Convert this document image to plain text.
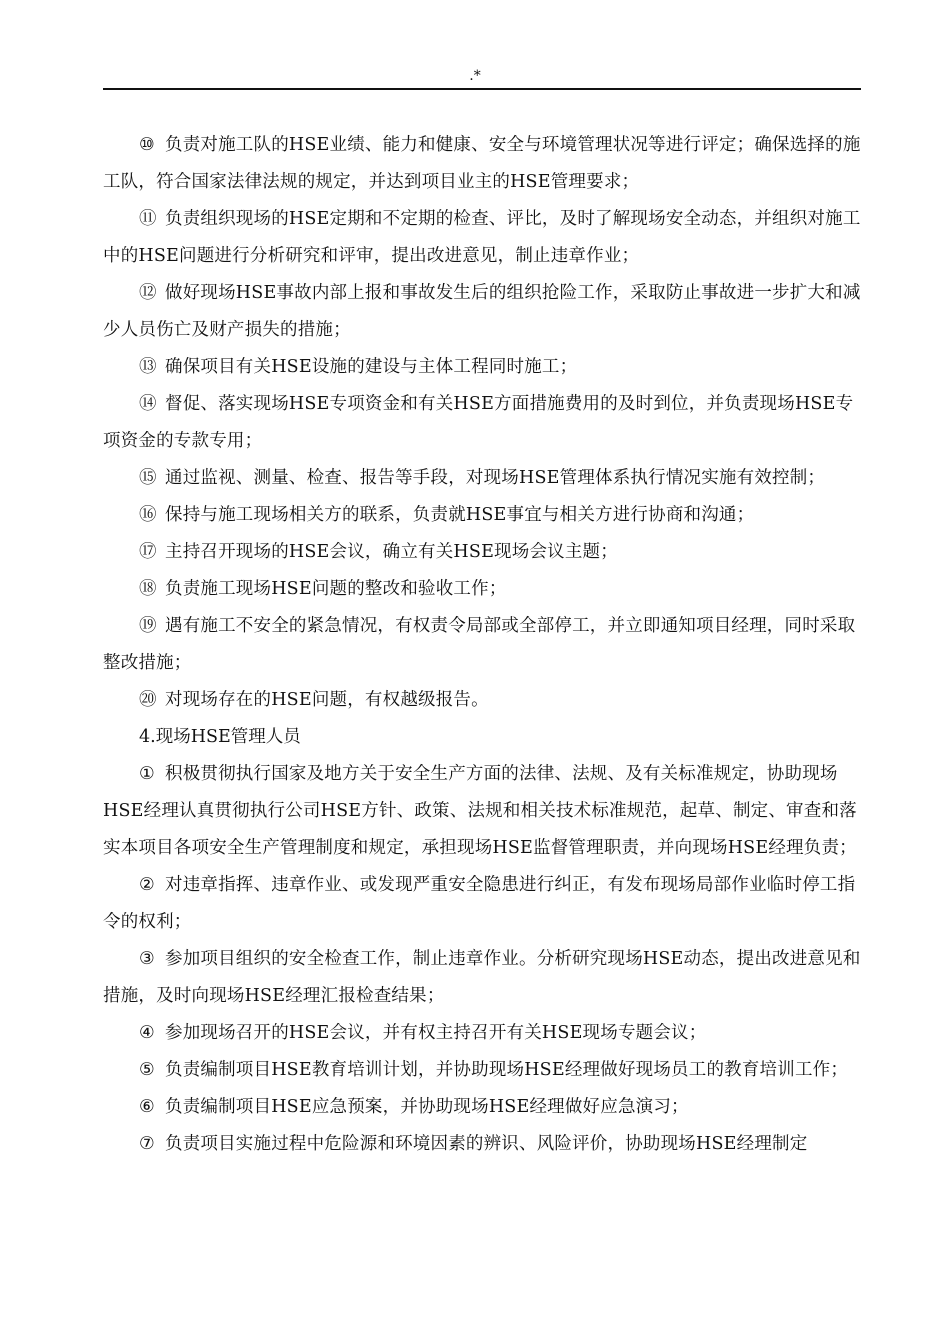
.*

⑩ 负责对施工队的HSE业绩、能力和健康、安全与环境管理状况等进行评定；确保选择的施工队，符合国家法律法规的规定，并达到项目业主的HSE管理要求；

⑪ 负责组织现场的HSE定期和不定期的检查、评比，及时了解现场安全动态，并组织对施工中的HSE问题进行分析研究和评审，提出改进意见，制止违章作业；

⑫ 做好现场HSE事故内部上报和事故发生后的组织抢险工作，采取防止事故进一步扩大和减少人员伤亡及财产损失的措施；

⑬ 确保项目有关HSE设施的建设与主体工程同时施工；

⑭ 督促、落实现场HSE专项资金和有关HSE方面措施费用的及时到位，并负责现场HSE专项资金的专款专用；

⑮ 通过监视、测量、检查、报告等手段，对现场HSE管理体系执行情况实施有效控制；

⑯ 保持与施工现场相关方的联系，负责就HSE事宜与相关方进行协商和沟通；

⑰ 主持召开现场的HSE会议，确立有关HSE现场会议主题；

⑱ 负责施工现场HSE问题的整改和验收工作；

⑲ 遇有施工不安全的紧急情况，有权责令局部或全部停工，并立即通知项目经理，同时采取整改措施；

⑳ 对现场存在的HSE问题，有权越级报告。

4.现场HSE管理人员

① 积极贯彻执行国家及地方关于安全生产方面的法律、法规、及有关标准规定，协助现场HSE经理认真贯彻执行公司HSE方针、政策、法规和相关技术标准规范，起草、制定、审查和落实本项目各项安全生产管理制度和规定，承担现场HSE监督管理职责，并向现场HSE经理负责；

② 对违章指挥、违章作业、或发现严重安全隐患进行纠正，有发布现场局部作业临时停工指令的权利；

③ 参加项目组织的安全检查工作，制止违章作业。分析研究现场HSE动态，提出改进意见和措施，及时向现场HSE经理汇报检查结果；

④ 参加现场召开的HSE会议，并有权主持召开有关HSE现场专题会议；

⑤ 负责编制项目HSE教育培训计划，并协助现场HSE经理做好现场员工的教育培训工作；

⑥ 负责编制项目HSE应急预案，并协助现场HSE经理做好应急演习；

⑦ 负责项目实施过程中危险源和环境因素的辨识、风险评价，协助现场HSE经理制定
